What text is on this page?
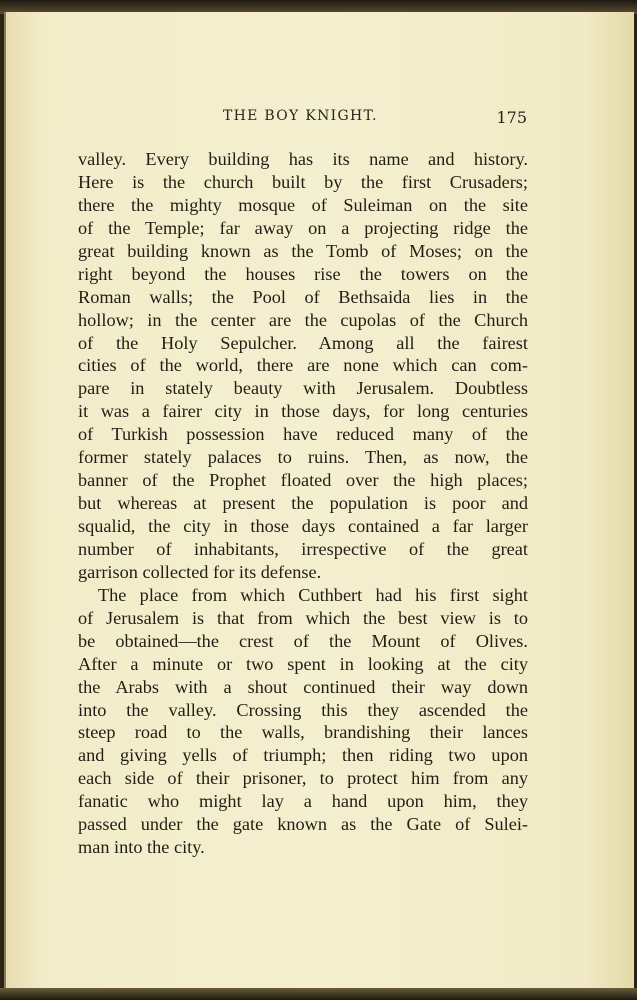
THE BOY KNIGHT.	175
valley. Every building has its name and history.
Here is the church built by the first Crusaders;
there the mighty mosque of Suleiman on the site
of the Temple; far away on a projecting ridge the
great building known as the Tomb of Moses; on the
right beyond the houses rise the towers on the
Roman walls; the Pool of Bethsaida lies in the
hollow; in the center are the cupolas of the Church
of the Holy Sepulcher. Among all the fairest
cities of the world, there are none which can com-
pare in stately beauty with Jerusalem. Doubtless
it was a fairer city in those days, for long centuries
of Turkish possession have reduced many of the
former stately palaces to ruins. Then, as now, the
banner of the Prophet floated over the high places;
but whereas at present the population is poor and
squalid, the city in those days contained a far larger
number of inhabitants, irrespective of the great
garrison collected for its defense.
The place from which Cuthbert had his first sight
of Jerusalem is that from which the best view is to
be obtained—the crest of the Mount of Olives.
After a minute or two spent in looking at the city
the Arabs with a shout continued their way down
into the valley. Crossing this they ascended the
steep road to the walls, brandishing their lances
and giving yells of triumph; then riding two upon
each side of their prisoner, to protect him from any
fanatic who might lay a hand upon him, they
passed under the gate known as the Gate of Sulei-
man into the city.
